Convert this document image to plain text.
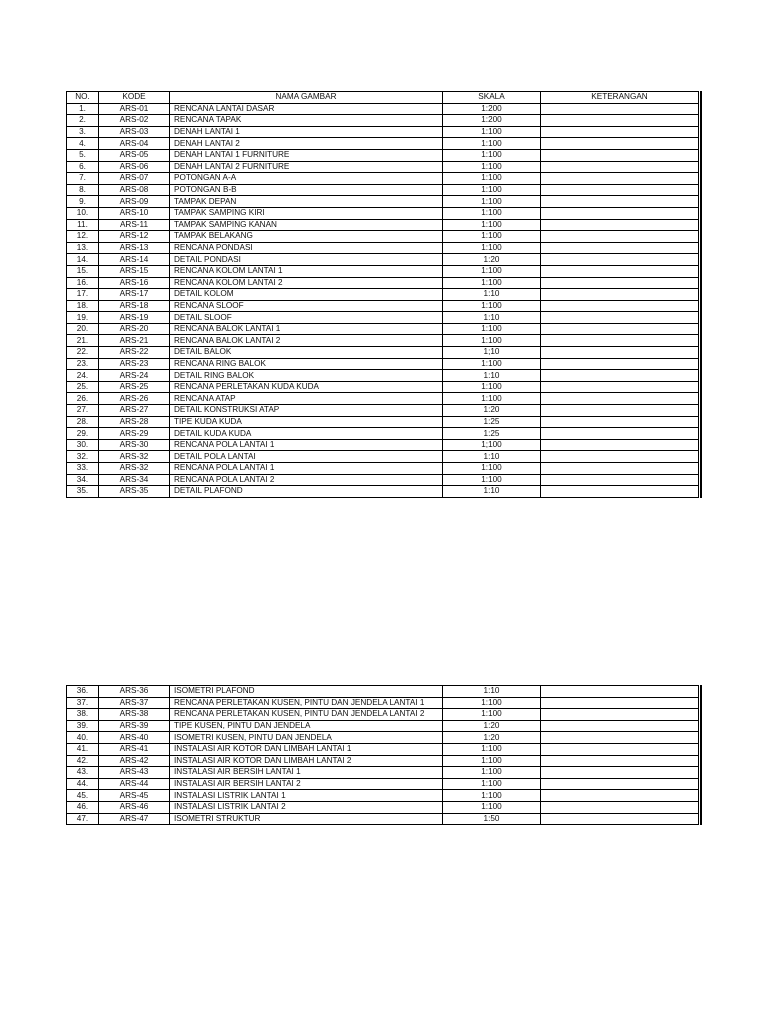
NO.	KODE	NAMA GAMBAR	SKALA	KETERANGAN
1.	ARS-01	RENCANA LANTAI DASAR	1:200	
2.	ARS-02	RENCANA TAPAK	1:200	
3.	ARS-03	DENAH LANTAI 1	1:100	
4.	ARS-04	DENAH LANTAI 2	1:100	
5.	ARS-05	DENAH LANTAI 1 FURNITURE	1:100	
6.	ARS-06	DENAH LANTAI 2 FURNITURE	1:100	
7.	ARS-07	POTONGAN A-A	1:100	
8.	ARS-08	POTONGAN B-B	1:100	
9.	ARS-09	TAMPAK DEPAN	1:100	
10.	ARS-10	TAMPAK SAMPING KIRI	1:100	
11.	ARS-11	TAMPAK SAMPING KANAN	1:100	
12.	ARS-12	TAMPAK BELAKANG	1:100	
13.	ARS-13	RENCANA PONDASI	1:100	
14.	ARS-14	DETAIL PONDASI	1:20	
15.	ARS-15	RENCANA KOLOM LANTAI 1	1:100	
16.	ARS-16	RENCANA KOLOM LANTAI 2	1:100	
17.	ARS-17	DETAIL KOLOM	1:10	
18.	ARS-18	RENCANA SLOOF	1:100	
19.	ARS-19	DETAIL SLOOF	1:10	
20.	ARS-20	RENCANA BALOK LANTAI 1	1:100	
21.	ARS-21	RENCANA BALOK LANTAI 2	1:100	
22.	ARS-22	DETAIL BALOK	1;10	
23.	ARS-23	RENCANA RING BALOK	1:100	
24.	ARS-24	DETAIL RING BALOK	1:10	
25.	ARS-25	RENCANA PERLETAKAN KUDA KUDA	1:100	
26.	ARS-26	RENCANA ATAP	1:100	
27.	ARS-27	DETAIL KONSTRUKSI ATAP	1:20	
28.	ARS-28	TIPE KUDA KUDA	1:25	
29.	ARS-29	DETAIL KUDA KUDA	1:25	
30.	ARS-30	RENCANA POLA LANTAI 1	1;100	
32.	ARS-32	DETAIL POLA LANTAI	1:10	
33.	ARS-32	RENCANA POLA LANTAI 1	1:100	
34.	ARS-34	RENCANA POLA LANTAI 2	1:100	
35.	ARS-35	DETAIL PLAFOND	1:10	
36.	ARS-36	ISOMETRI PLAFOND	1:10	
37.	ARS-37	RENCANA PERLETAKAN KUSEN, PINTU DAN JENDELA LANTAI 1	1:100	
38.	ARS-38	RENCANA PERLETAKAN KUSEN, PINTU DAN JENDELA LANTAI 2	1:100	
39.	ARS-39	TIPE KUSEN, PINTU DAN JENDELA	1:20	
40.	ARS-40	ISOMETRI KUSEN, PINTU DAN JENDELA	1:20	
41.	ARS-41	INSTALASI AIR KOTOR DAN LIMBAH LANTAI 1	1:100	
42.	ARS-42	INSTALASI AIR KOTOR DAN LIMBAH LANTAI 2	1:100	
43.	ARS-43	INSTALASI AIR BERSIH LANTAI 1	1:100	
44.	ARS-44	INSTALASI AIR BERSIH LANTAI 2	1:100	
45.	ARS-45	INSTALASI LISTRIK LANTAI 1	1:100	
46.	ARS-46	INSTALASI LISTRIK LANTAI 2	1:100	
47.	ARS-47	ISOMETRI STRUKTUR	1:50	
